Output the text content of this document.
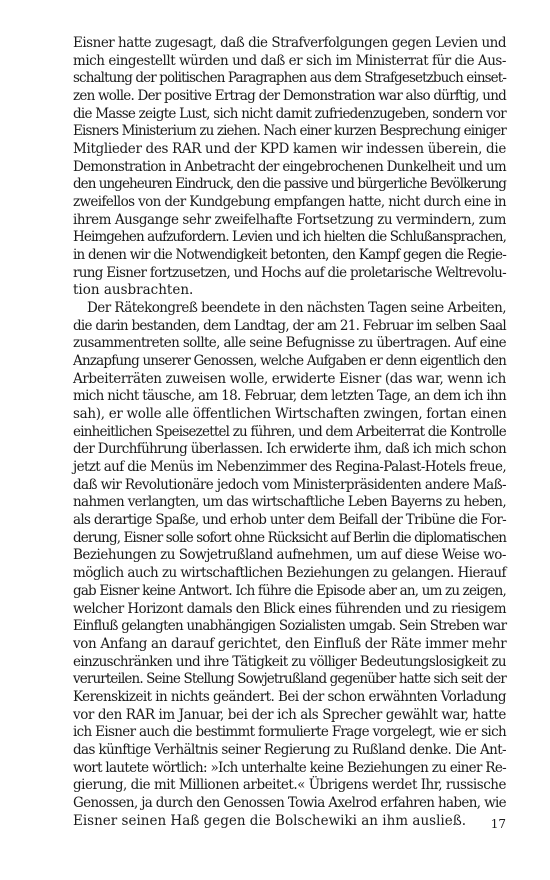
Eisner hatte zugesagt, daß die Strafverfolgungen gegen Levien und
mich eingestellt würden und daß er sich im Ministerrat für die Aus-
schaltung der politischen Paragraphen aus dem Strafgesetzbuch einset-
zen wolle. Der positive Ertrag der Demonstration war also dürftig, und
die Masse zeigte Lust, sich nicht damit zufriedenzugeben, sondern vor
Eisners Ministerium zu ziehen. Nach einer kurzen Besprechung einiger
Mitglieder des RAR und der KPD kamen wir indessen überein, die
Demonstration in Anbetracht der eingebrochenen Dunkelheit und um
den ungeheuren Eindruck, den die passive und bürgerliche Bevölkerung
zweifellos von der Kundgebung empfangen hatte, nicht durch eine in
ihrem Ausgange sehr zweifelhafte Fortsetzung zu vermindern, zum
Heimgehen aufzufordern. Levien und ich hielten die Schlußansprachen,
in denen wir die Notwendigkeit betonten, den Kampf gegen die Regie-
rung Eisner fortzusetzen, und Hochs auf die proletarische Weltrevolu-
tion ausbrachten.

Der Rätekongreß beendete in den nächsten Tagen seine Arbeiten,
die darin bestanden, dem Landtag, der am 21. Februar im selben Saal
zusammentreten sollte, alle seine Befugnisse zu übertragen. Auf eine
Anzapfung unserer Genossen, welche Aufgaben er denn eigentlich den
Arbeiterräten zuweisen wolle, erwiderte Eisner (das war, wenn ich
mich nicht täusche, am 18. Februar, dem letzten Tage, an dem ich ihn
sah), er wolle alle öffentlichen Wirtschaften zwingen, fortan einen
einheitlichen Speisezettel zu führen, und dem Arbeiterrat die Kontrolle
der Durchführung überlassen. Ich erwiderte ihm, daß ich mich schon
jetzt auf die Menüs im Nebenzimmer des Regina-Palast-Hotels freue,
daß wir Revolutionäre jedoch vom Ministerpräsidenten andere Maß-
nahmen verlangten, um das wirtschaftliche Leben Bayerns zu heben,
als derartige Spaße, und erhob unter dem Beifall der Tribüne die For-
derung, Eisner solle sofort ohne Rücksicht auf Berlin die diplomatischen
Beziehungen zu Sowjetrußland aufnehmen, um auf diese Weise wo-
möglich auch zu wirtschaftlichen Beziehungen zu gelangen. Hierauf
gab Eisner keine Antwort. Ich führe die Episode aber an, um zu zeigen,
welcher Horizont damals den Blick eines führenden und zu riesigem
Einfluß gelangten unabhängigen Sozialisten umgab. Sein Streben war
von Anfang an darauf gerichtet, den Einfluß der Räte immer mehr
einzuschränken und ihre Tätigkeit zu völliger Bedeutungslosigkeit zu
verurteilen. Seine Stellung Sowjetrußland gegenüber hatte sich seit der
Kerenskizeit in nichts geändert. Bei der schon erwähnten Vorladung
vor den RAR im Januar, bei der ich als Sprecher gewählt war, hatte
ich Eisner auch die bestimmt formulierte Frage vorgelegt, wie er sich
das künftige Verhältnis seiner Regierung zu Rußland denke. Die Ant-
wort lautete wörtlich: »Ich unterhalte keine Beziehungen zu einer Re-
gierung, die mit Millionen arbeitet.« Übrigens werdet Ihr, russische
Genossen, ja durch den Genossen Towia Axelrod erfahren haben, wie
Eisner seinen Haß gegen die Bolschewiki an ihm ausließ.	17
